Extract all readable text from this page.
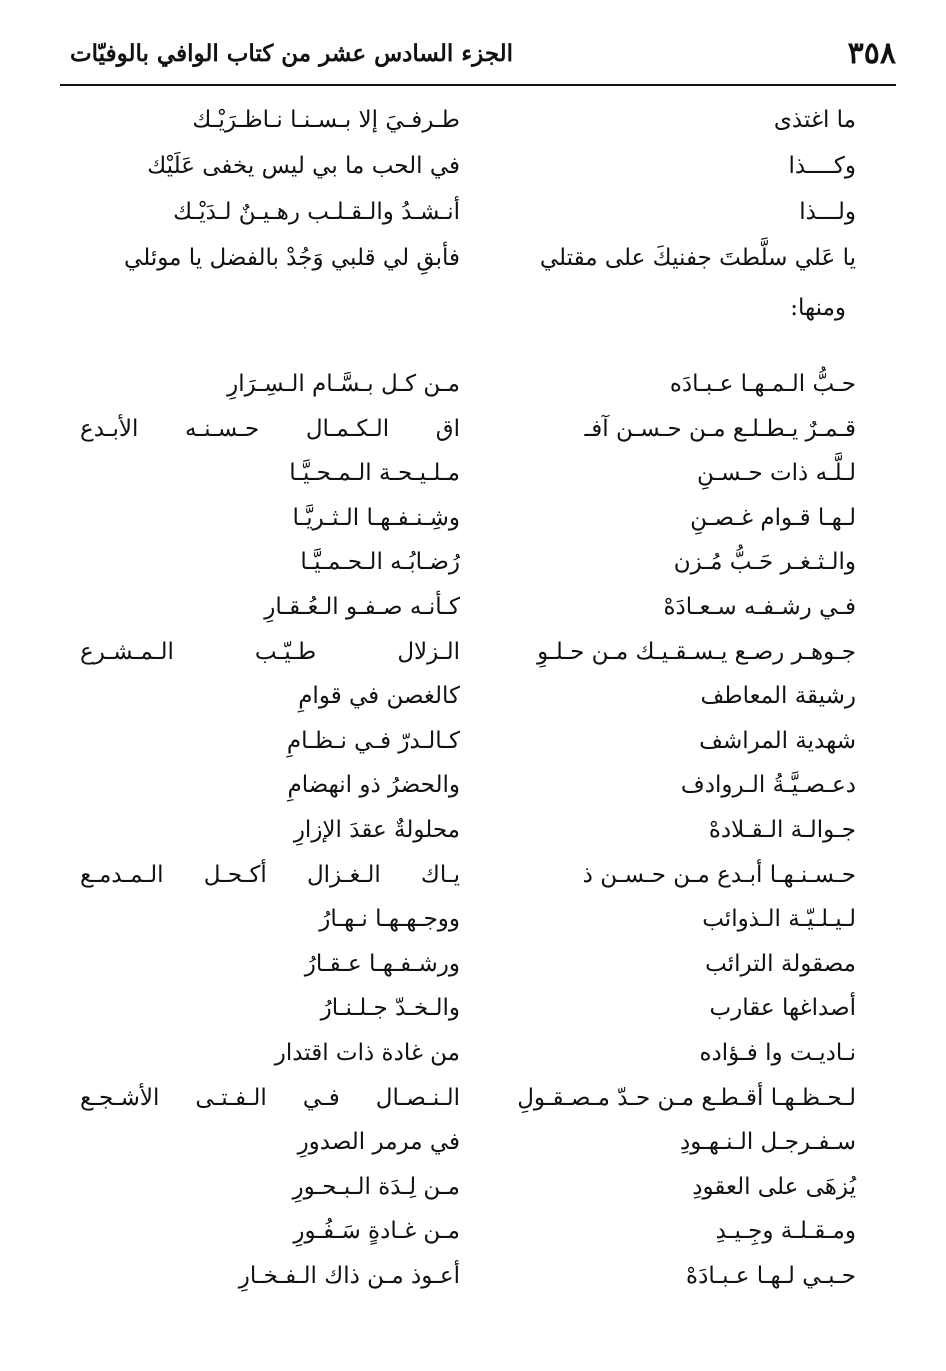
٣٥٨
الجزء السادس عشر من كتاب الوافي بالوفيّات
ما اغتذى
طـرفـيَ إلا بـسـنـا نـاظـرَيْـك
وكــــذا
في الحب ما بي ليس يخفى عَلَيْك
ولـــذا
أنـشـدُ والـقـلـب رهـيـنٌ لـدَيْـك
يا عَلي سلَّطتَ جفنيكَ على مقتلي
فأبقِ لي قلبي وَجُدْ بالفضل يا موئلي
ومنها:
حـبُّ الـمـهـا عـبـادَه
مـن كـل بـسَّـام الـسِـرَارِ
قـمـرٌ يـطـلـع مـن حـسـن آفـ
اق الـكـمـال حـسـنـه الأبـدع
لـلَّـه ذات حـسـنِ
مـلـيـحـة الـمـحـيَّـا
لـهـا قـوام غـصـنِ
وشِـنـفـهـا الـثـريَّـا
والـثـغـر حَـبُّ مُـزن
رُضـابُـه الـحـمـيَّـا
فـي رشـفـه سـعـادَهْ
كـأنـه صـفـو الـعُـقـارِ
جـوهـر رصـع يـسـقـيـك مـن حـلـوِ
الـزلال طـيّـب الـمـشـرع
رشيقة المعاطف
كالغصن في قوامِ
شهدية المراشف
كـالـدرّ فـي نـظـامِ
دعـصـيَّـةُ الـروادف
والحضرُ ذو انهضامِ
جـوالـة الـقـلادهْ
محلولةٌ عقدَ الإزارِ
حـسـنـهـا أبـدع مـن حـسـن ذ
يـاك الـغـزال أكـحـل الـمـدمـع
لـيـلـيّـة الـذوائب
ووجـهـهـا نـهـارُ
مصقولة الترائب
ورشـفـهـا عـقـارُ
أصداغها عقارب
والـخـدّ جـلـنـارُ
نـاديـت وا فـؤاده
من غادة ذات اقتدار
لـحـظـهـا أقـطـع مـن حـدّ مـصـقـولِ
الـنـصـال فـي الـفـتـى الأشـجـع
سـفـرجـل الـنـهـودِ
في مرمر الصدورِ
يُزهَى على العقودِ
مـن لِـدَة الـبـحـورِ
ومـقـلـة وجِـيـدِ
مـن غـادةٍ سَـفُـورِ
حـبـي لـهـا عـبـادَهْ
أعـوذ مـن ذاك الـفـخـارِ
